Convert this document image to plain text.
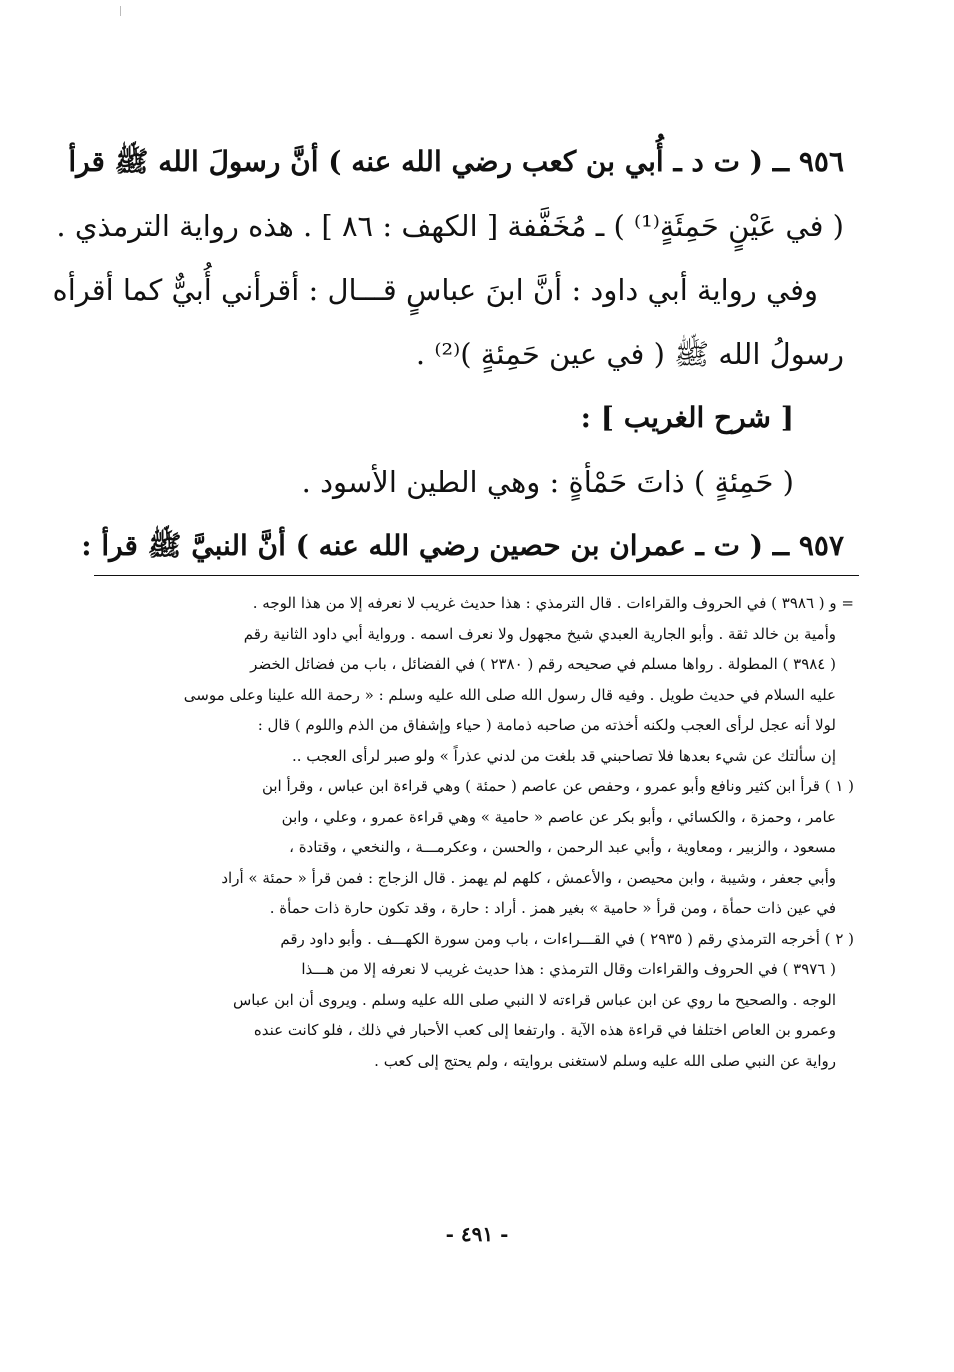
٩٥٦ ــ ( ت د ـ أُبي بن كعب رضي الله عنه ) أنَّ رسولَ الله ﷺ قرأ
( في عَيْنٍ حَمِئَةٍ⁽¹⁾ ) ـ مُخَفَّفة [ الكهف : ٨٦ ] . هذه رواية الترمذي .
وفي رواية أبي داود : أنَّ ابنَ عباسٍ قـــال : أقرأني أُبيٌّ كما أقرأه
رسولُ الله ﷺ ( في عين حَمِئةٍ )⁽²⁾ .
[ شرح الغريب ] :
( حَمِئةٍ ) ذاتَ حَمْأةٍ : وهي الطين الأسود .
٩٥٧ ــ ( ت ـ عمران بن حصين رضي الله عنه ) أنَّ النبيَّ ﷺ قرأ :
= و ( ٣٩٨٦ ) في الحروف والقراءات . قال الترمذي : هذا حديث غريب لا نعرفه إلا من هذا الوجه .
وأمية بن خالد ثقة . وأبو الجارية العبدي شيخ مجهول ولا نعرف اسمه . ورواية أبي داود الثانية رقم
( ٣٩٨٤ ) المطولة . رواها مسلم في صحيحه رقم ( ٢٣٨٠ ) في الفضائل ، باب من فضائل الخضر
عليه السلام في حديث طويل . وفيه قال رسول الله صلى الله عليه وسلم : « رحمة الله علينا وعلى موسى
لولا أنه عجل لرأى العجب ولكنه أخذته من صاحبه ذمامة ( حياء وإشفاق من الذم واللوم ) قال :
إن سألتك عن شيء بعدها فلا تصاحبني قد بلغت من لدني عذراً » ولو صبر لرأى العجب ..
( ١ ) قرأ ابن كثير ونافع وأبو عمرو ، وحفص عن عاصم ( حمئة ) وهي قراءة ابن عباس ، وقرأ ابن
عامر ، وحمزة ، والكسائي ، وأبو بكر عن عاصم « حامية » وهي قراءة عمرو ، وعلي ، وابن
مسعود ، والزبير ، ومعاوية ، وأبي عبد الرحمن ، والحسن ، وعكرمـــة ، والنخعي ، وقتادة ،
وأبي جعفر ، وشيبة ، وابن محيصن ، والأعمش ، كلهم لم يهمز . قال الزجاج : فمن قرأ « حمئة » أراد
في عين ذات حمأة ، ومن قرأ « حامية » بغير همز . أراد : حارة ، وقد تكون حارة ذات حمأة .
( ٢ ) أخرجه الترمذي رقم ( ٢٩٣٥ ) في القـــراءات ، باب ومن سورة الكهـــف . وأبو داود رقم
( ٣٩٧٦ ) في الحروف والقراءات وقال الترمذي : هذا حديث غريب لا نعرفه إلا من هـــذا
الوجه . والصحيح ما روي عن ابن عباس قراءته لا النبي صلى الله عليه وسلم . ويروى أن ابن عباس
وعمرو بن العاص اختلفا في قراءة هذه الآية . وارتفعا إلى كعب الأحبار في ذلك ، فلو كانت عنده
رواية عن النبي صلى الله عليه وسلم لاستغنى بروايته ، ولم يحتج إلى كعب .
- ٤٩١ -
